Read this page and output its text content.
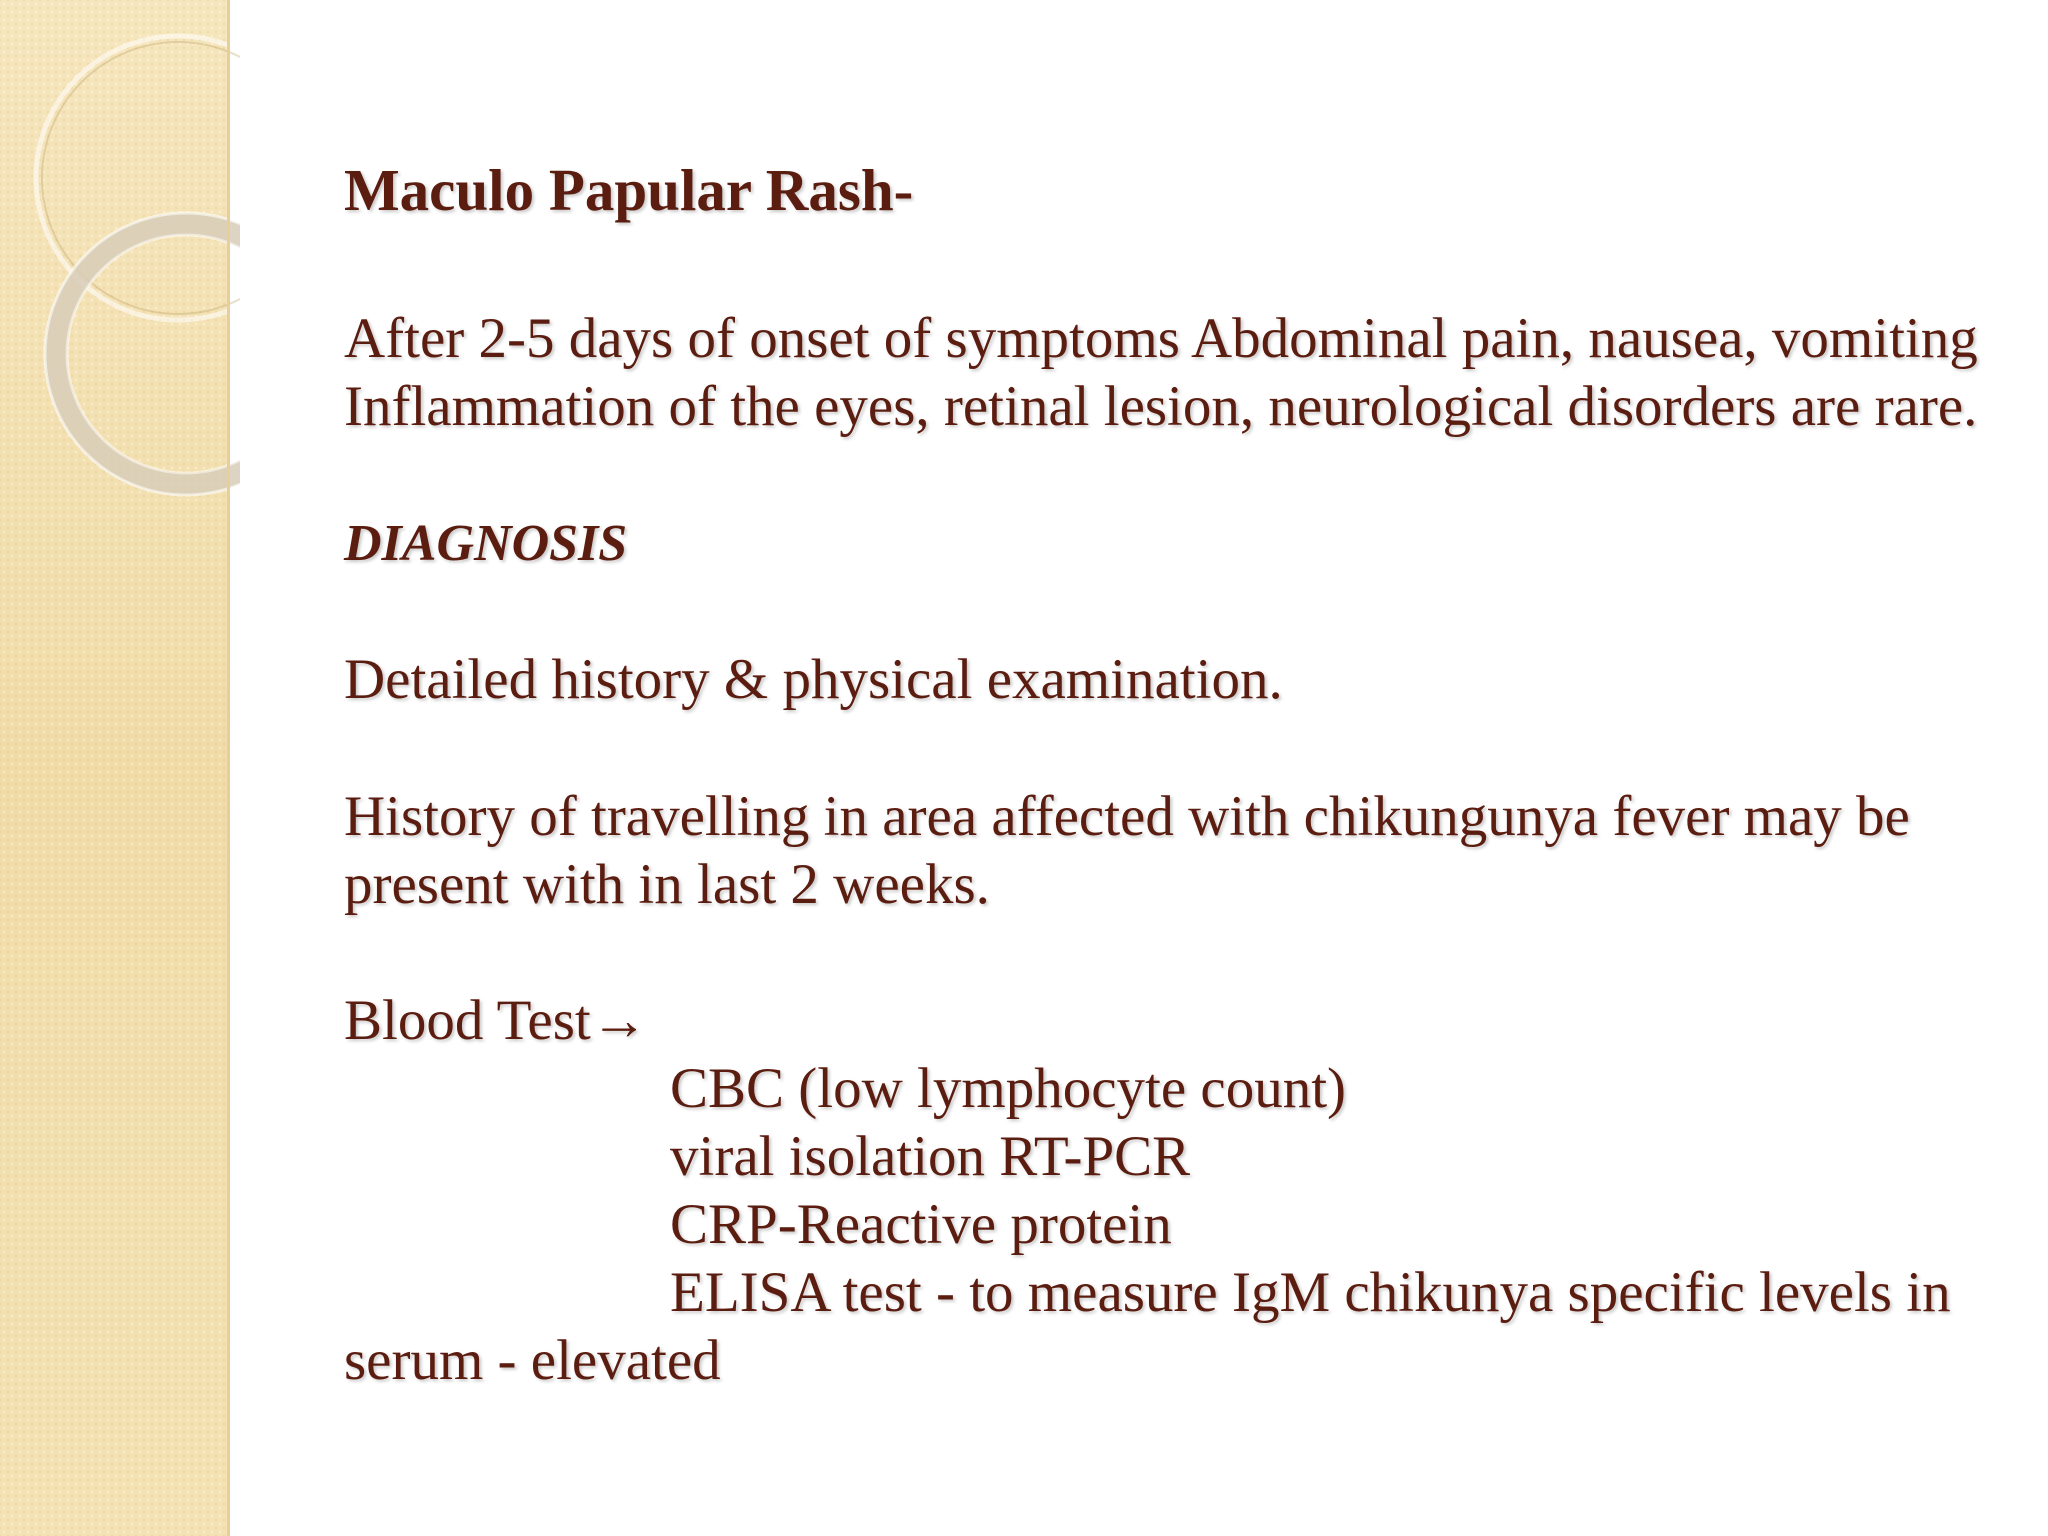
Maculo Papular Rash-
After 2-5 days of onset of symptoms Abdominal pain, nausea, vomiting
Inflammation of the eyes, retinal lesion, neurological disorders are rare.
DIAGNOSIS
Detailed history & physical examination.
History of travelling in area affected with chikungunya fever may be
present with in last 2 weeks.
Blood Test→
CBC (low lymphocyte count)
viral isolation RT-PCR
CRP-Reactive protein
ELISA test - to measure IgM chikunya specific levels in
serum - elevated
